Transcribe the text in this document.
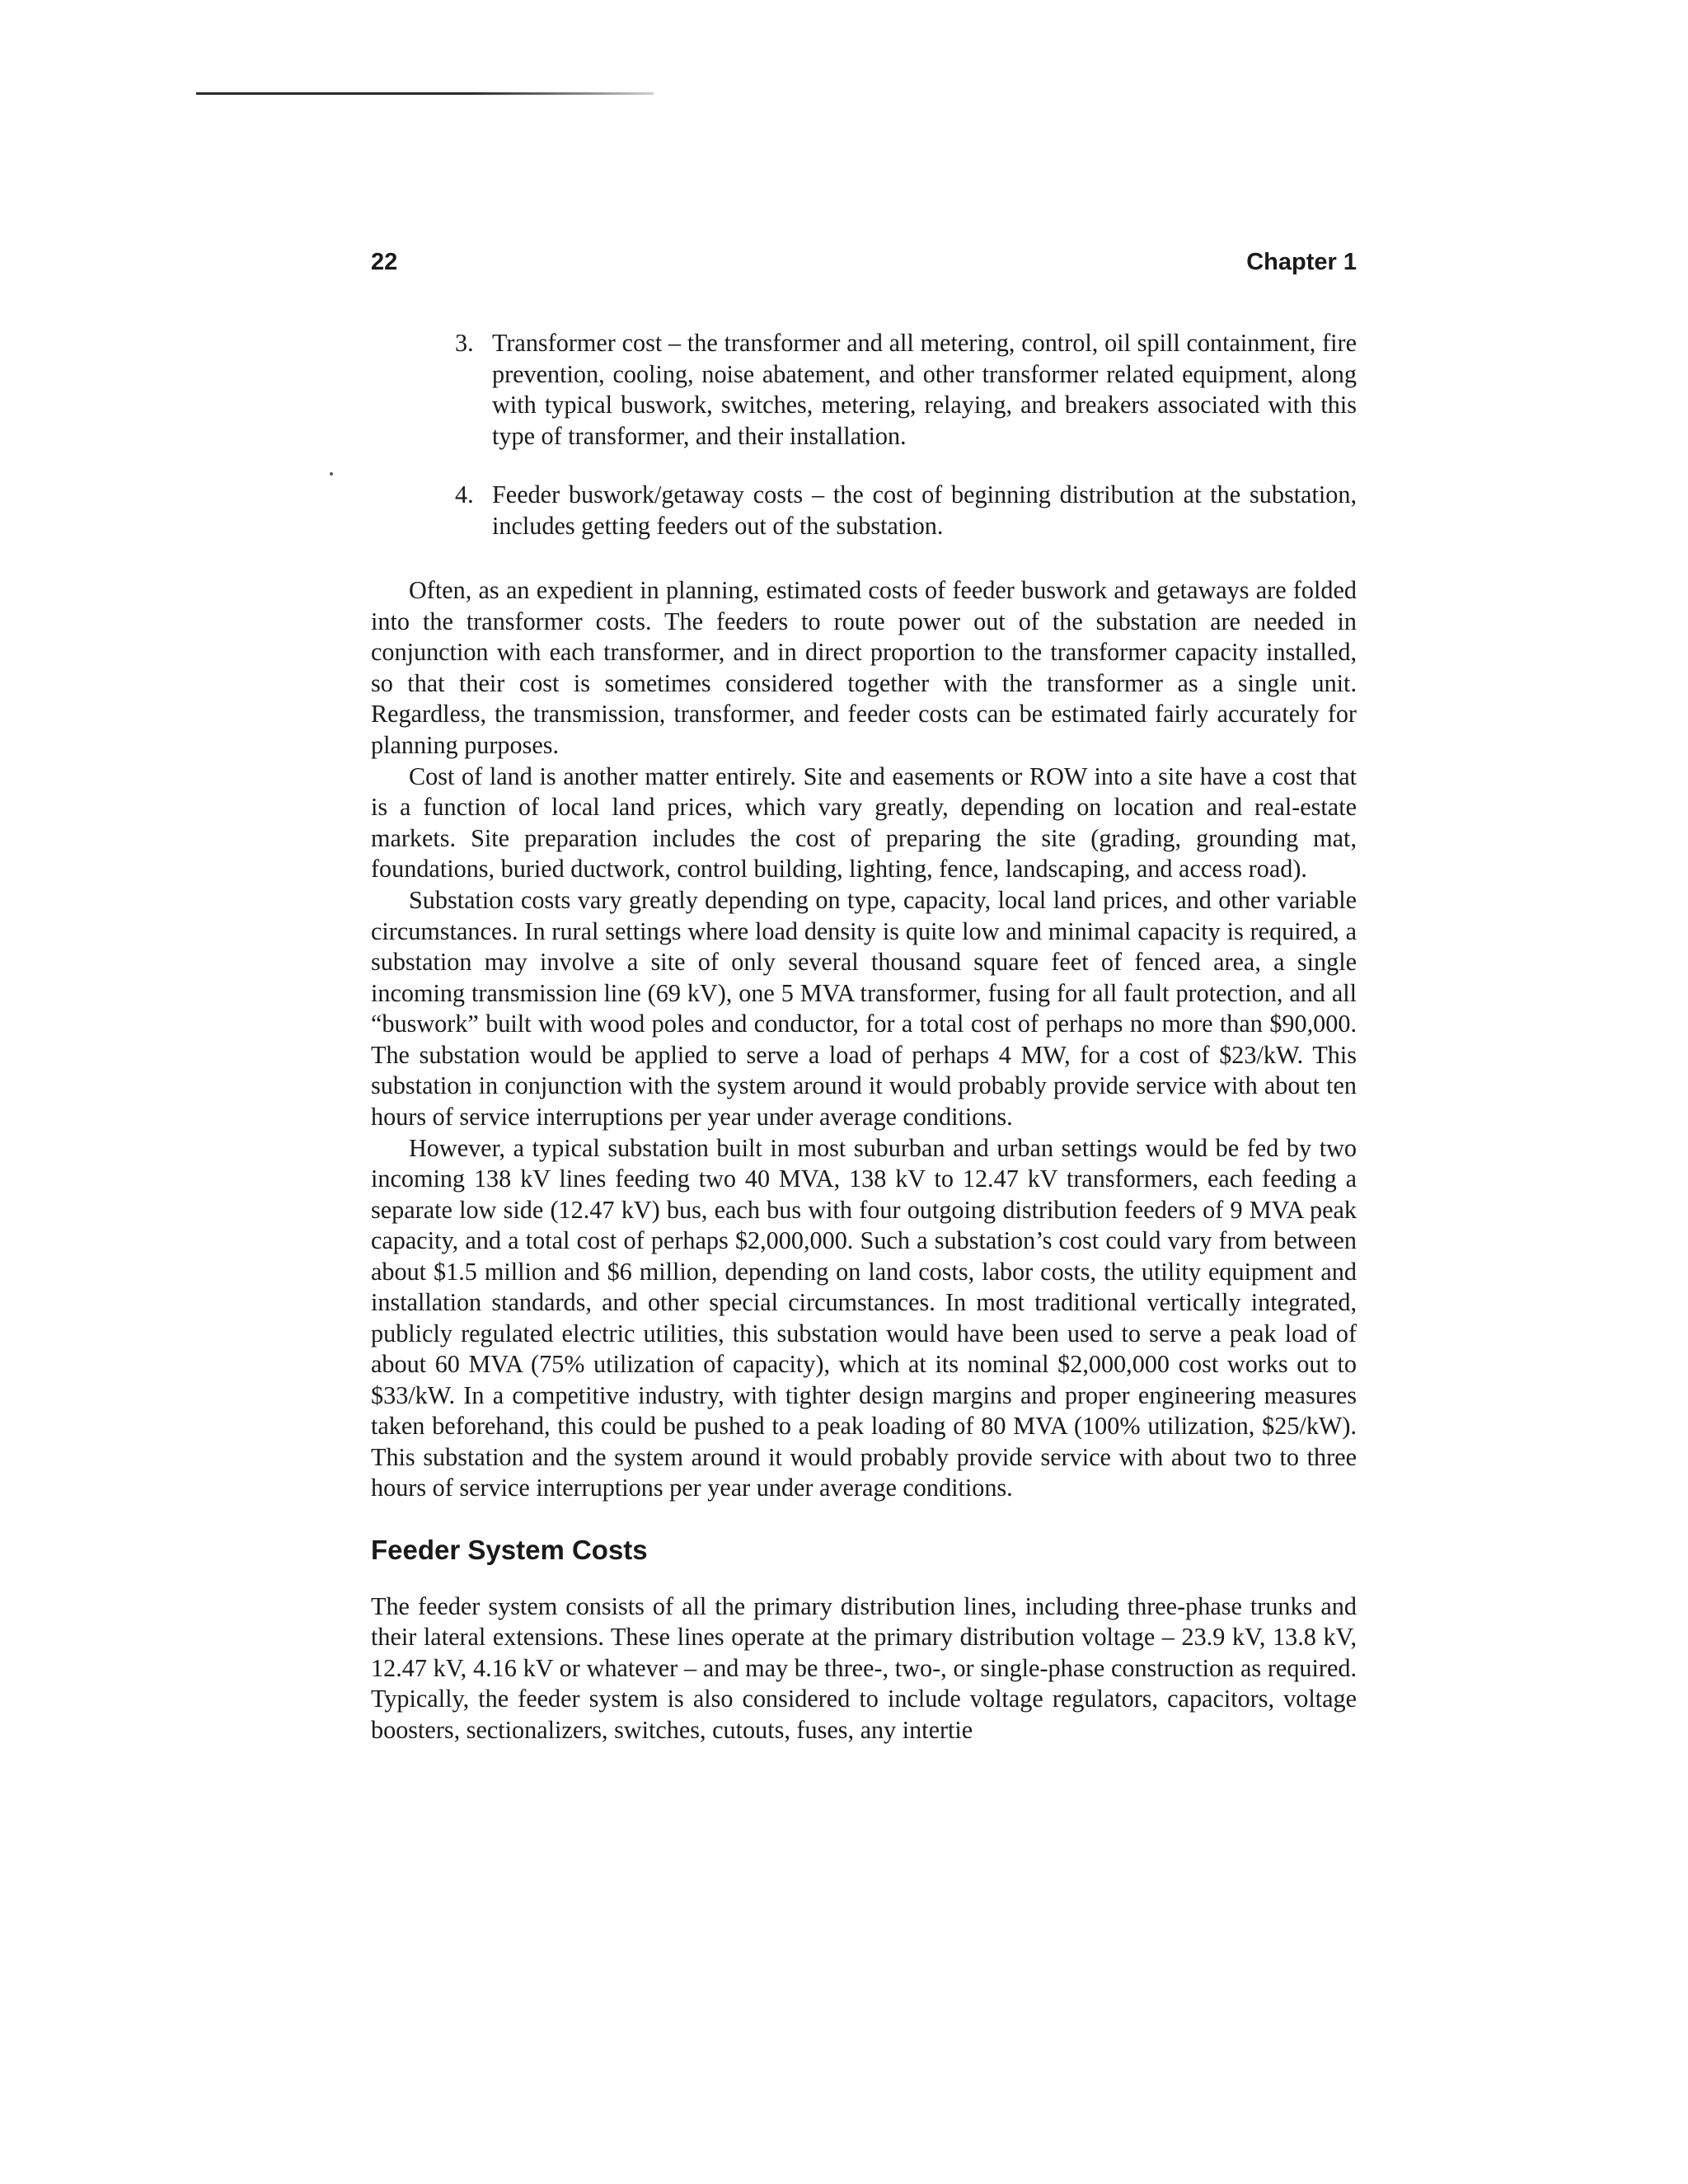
22	Chapter 1
3. Transformer cost – the transformer and all metering, control, oil spill containment, fire prevention, cooling, noise abatement, and other transformer related equipment, along with typical buswork, switches, metering, relaying, and breakers associated with this type of transformer, and their installation.
4. Feeder buswork/getaway costs – the cost of beginning distribution at the substation, includes getting feeders out of the substation.

Often, as an expedient in planning, estimated costs of feeder buswork and getaways are folded into the transformer costs. The feeders to route power out of the substation are needed in conjunction with each transformer, and in direct proportion to the transformer capacity installed, so that their cost is sometimes considered together with the transformer as a single unit. Regardless, the transmission, transformer, and feeder costs can be estimated fairly accurately for planning purposes.

Cost of land is another matter entirely. Site and easements or ROW into a site have a cost that is a function of local land prices, which vary greatly, depending on location and real-estate markets. Site preparation includes the cost of preparing the site (grading, grounding mat, foundations, buried ductwork, control building, lighting, fence, landscaping, and access road).

Substation costs vary greatly depending on type, capacity, local land prices, and other variable circumstances. In rural settings where load density is quite low and minimal capacity is required, a substation may involve a site of only several thousand square feet of fenced area, a single incoming transmission line (69 kV), one 5 MVA transformer, fusing for all fault protection, and all “buswork” built with wood poles and conductor, for a total cost of perhaps no more than $90,000. The substation would be applied to serve a load of perhaps 4 MW, for a cost of $23/kW. This substation in conjunction with the system around it would probably provide service with about ten hours of service interruptions per year under average conditions.

However, a typical substation built in most suburban and urban settings would be fed by two incoming 138 kV lines feeding two 40 MVA, 138 kV to 12.47 kV transformers, each feeding a separate low side (12.47 kV) bus, each bus with four outgoing distribution feeders of 9 MVA peak capacity, and a total cost of perhaps $2,000,000. Such a substation’s cost could vary from between about $1.5 million and $6 million, depending on land costs, labor costs, the utility equipment and installation standards, and other special circumstances. In most traditional vertically integrated, publicly regulated electric utilities, this substation would have been used to serve a peak load of about 60 MVA (75% utilization of capacity), which at its nominal $2,000,000 cost works out to $33/kW. In a competitive industry, with tighter design margins and proper engineering measures taken beforehand, this could be pushed to a peak loading of 80 MVA (100% utilization, $25/kW). This substation and the system around it would probably provide service with about two to three hours of service interruptions per year under average conditions.

Feeder System Costs

The feeder system consists of all the primary distribution lines, including three-phase trunks and their lateral extensions. These lines operate at the primary distribution voltage – 23.9 kV, 13.8 kV, 12.47 kV, 4.16 kV or whatever – and may be three-, two-, or single-phase construction as required. Typically, the feeder system is also considered to include voltage regulators, capacitors, voltage boosters, sectionalizers, switches, cutouts, fuses, any intertie
